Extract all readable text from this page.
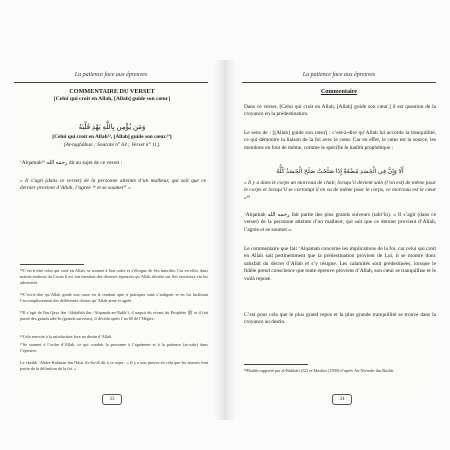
La patience face aux épreuves	La patience face aux épreuves
COMMENTAIRE DU VERSET
[Celui qui croit en Allah, [Allah] guide son cœur]
وَمَن يُؤْمِن بِاللَّهِ يَهْدِ قَلْبَهُ
[Celui qui croit en Allah¹³, [Allah] guide son cœur.¹⁴]
[At-taghâbun ; Sourate n° 64 ; Verset n° 11].
‘Alqamah¹⁵ رحمه الله dit au sujet de ce verset :
« Il s’agit (dans ce verset) de la personne atteinte d’un malheur, qui sait que ce dernier provient d’Allah, l’agrée ¹⁶ et se soumet¹⁷ »
¹³C’est-à-dire celui qui croit en Allah, se soumet à Son ordre et s’éloigne de Ses interdits. Car en effet, dans maints endroits du Coran il est fait mention des diverses épreuves qu’Allah décrète sur Ses serviteurs via les adversités.
¹⁴C’est-à-dire qu’Allah guide son cœur en le rendant apte à pratiquer sans s’indigner et en lui facilitant l’accomplissement des différentes choses qu’Allah aime et agrée.
¹⁵Il s’agit de Ibn Qays ibn ‘Abdallah ibn ‘Alqamah an-Nakh‘î, il naquit du vivant du Prophète ﷺ et il fait partie des grands tâbi‘în (grands suiveurs), il décéda après l’an 60 de l’Hégire.
¹⁶Cela renvoie à la satisfaction face au destin d’Allah.
¹⁷Se soumet à l’ordre d’Allah, ce qui conduit la personne à l’agrément et à la patience (as-sabr) dans l’épreuve.
Le cheikh ‘Abder-Rahman ibn Nâsir As-Sa‘dî dit à ce sujet : « Il y a une preuve en cela que les œuvres font partie de la définition de la foi. »
33
Commentaire
Dans ce verset, [Celui qui croit en Allah, [Allah] guide son cœur.] il est question de la croyance en la prédestination.
Le sens de : [[Allah] guide son cœur] : c’est-à-dire qu’Allah lui accorde la tranquillité, ce qui démontre la liaison de la foi avec le cœur. Car en effet, le cœur est la source, les membres en font de même, comme le spécifie le hadith prophétique :
أَلَا وَإِنَّ فِي الْجَسَدِ مُضْغَةً إِذَا صَلَحَتْ صَلَحَ الْجَسَدُ كُلُّهُ
« Il y a dans le corps un morceau de chair, lorsqu’il devient sain (l’on est) de même pour le corps et lorsqu’il se corrompt il en va de même pour le corps, ce morceau est le cœur »¹⁸
‘Alqamah رحمه الله fait partie des plus grands suiveurs (tabi‘în). « Il s’agit (dans ce verset) de la personne atteinte d’un malheur, qui sait que ce dernier provient d’Allah, l’agrée et se soumet ».
Le commentaire que fait ‘Alqamah concerne les implications de la foi, car celui qui croit en Allah sait pertinemment que la prédestination provient de Lui, il se montre donc satisfait du décret d’Allah et s’y résigne. Les calamités sont prédestinées, lorsque le fidèle prend conscience que toute épreuve provient d’Allah, son cœur se tranquillise et le voilà reposé.
C’est pour cela que le plus grand repos et la plus grande tranquillité se trouve dans la croyance au destin.
¹⁸Hadith rapporté par al-Bukhârî (52) et Muslim (1599) d’après An-Nu‘mân ibn Bachîr.
34
